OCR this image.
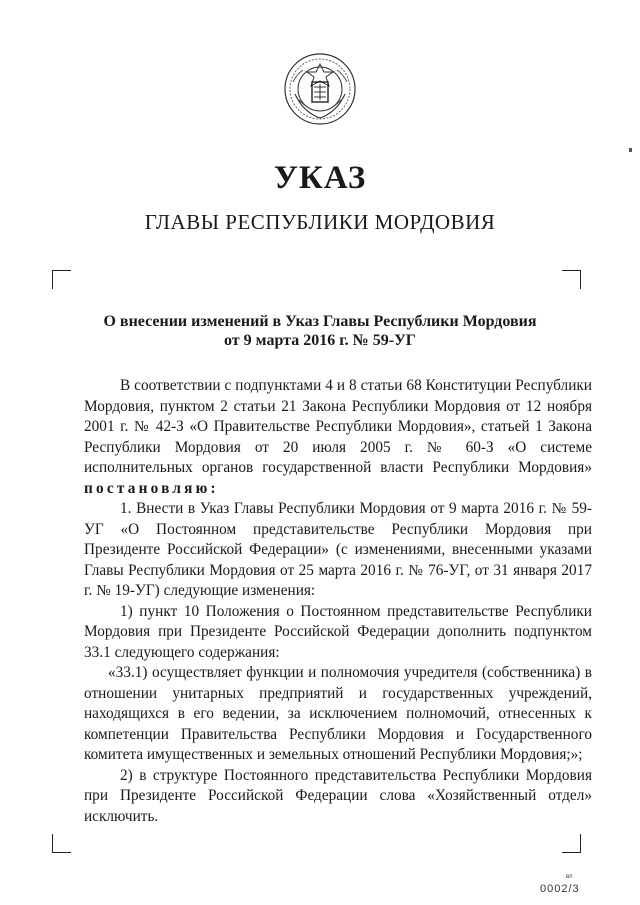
УКАЗ
ГЛАВЫ РЕСПУБЛИКИ МОРДОВИЯ
О внесении изменений в Указ Главы Республики Мордовия
от 9 марта 2016 г. № 59-УГ

В соответствии с подпунктами 4 и 8 статьи 68 Конституции Республики Мордовия, пунктом 2 статьи 21 Закона Республики Мордовия от 12 ноября 2001 г. № 42-З «О Правительстве Республики Мордовия», статьей 1 Закона Республики Мордовия от 20 июля 2005 г. № 60-З «О системе исполнительных органов государственной власти Республики Мордовия» постановляю:

1. Внести в Указ Главы Республики Мордовия от 9 марта 2016 г. № 59-УГ «О Постоянном представительстве Республики Мордовия при Президенте Российской Федерации» (с изменениями, внесенными указами Главы Республики Мордовия от 25 марта 2016 г. № 76-УГ, от 31 января 2017 г. № 19-УГ) следующие изменения:

1) пункт 10 Положения о Постоянном представительстве Республики Мордовия при Президенте Российской Федерации дополнить подпунктом 33.1 следующего содержания:

«33.1) осуществляет функции и полномочия учредителя (собственника) в отношении унитарных предприятий и государственных учреждений, находящихся в его ведении, за исключением полномочий, отнесенных к компетенции Правительства Республики Мордовия и Государственного комитета имущественных и земельных отношений Республики Мордовия;»;

2) в структуре Постоянного представительства Республики Мордовия при Президенте Российской Федерации слова «Хозяйственный отдел» исключить.

вп
0002/3
